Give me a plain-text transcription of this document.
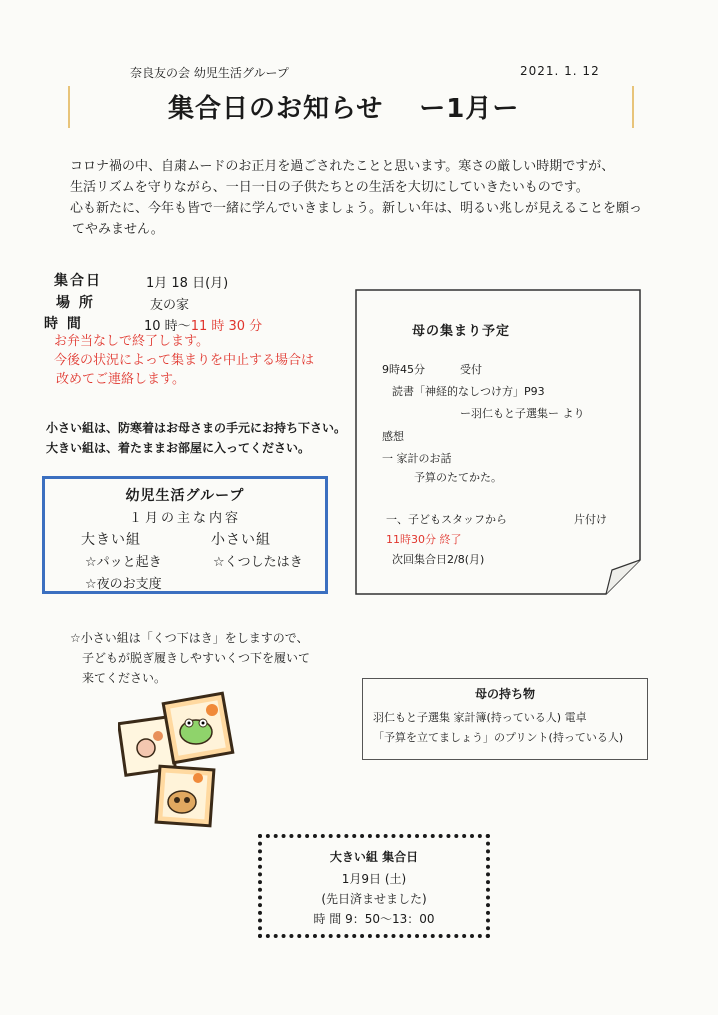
奈良友の会 幼児生活グループ	2021. 1. 12
集合日のお知らせ ー1月ー
コロナ禍の中、自粛ムードのお正月を過ごされたことと思います。寒さの厳しい時期ですが、
生活リズムを守りながら、一日一日の子供たちとの生活を大切にしていきたいものです。
心も新たに、今年も皆で一緒に学んでいきましょう。新しい年は、明るい兆しが見えることを願っ
てやみません。
集合日	1月 18 日(月)
場 所	友の家
時 間	10 時〜11 時 30 分
お弁当なしで終了します。
今後の状況によって集まりを中止する場合は
改めてご連絡します。
小さい組は、防寒着はお母さまの手元にお持ち下さい。
大きい組は、着たままお部屋に入ってください。
幼児生活グループ
１月の主な内容
大きい組	小さい組
☆パッと起き	☆くつしたはき
☆夜のお支度
☆小さい組は「くつ下はき」をしますので、
子どもが脱ぎ履きしやすいくつ下を履いて
来てください。
母の集まり予定
9時45分	受付
読書「神経的なしつけ方」P93
ー羽仁もと子選集ー より
感想
一 家計のお話
予算のたてかた。
一、子どもスタッフから	片付け
11時30分 終了
次回集合日2/8(月)
母の持ち物
羽仁もと子選集 家計簿(持っている人) 電卓
「予算を立てましょう」のプリント(持っている人)
大きい組 集合日
1月9日 (土)
(先日済ませました)
時 間 9：50〜13：00
